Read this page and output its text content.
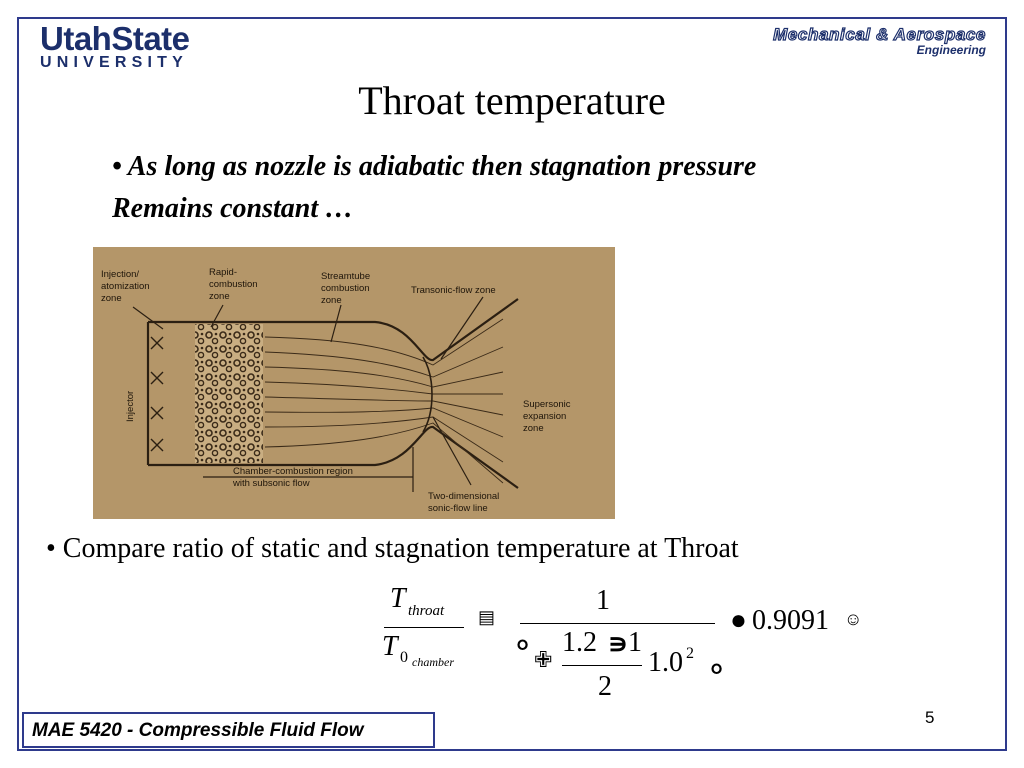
UtahState
UNIVERSITY
Mechanical & Aerospace
Engineering
Throat temperature
• As long as nozzle is adiabatic then stagnation pressure
Remains constant …
Injection/
atomization
zone
Rapid-
combustion
zone
Streamtube
combustion
zone
Transonic-flow zone
Injector	Supersonic
expansion
zone
Chamber-combustion region
with subsonic flow
Two-dimensional
sonic-flow line
• Compare ratio of static and stagnation temperature at Throat
T throat
T 0 chamber
▤
⚬
✙
1
1.2 ∍ 1
2
1.0 2
⚬
● 0.9091 ☺
5
MAE 5420 - Compressible Fluid Flow
